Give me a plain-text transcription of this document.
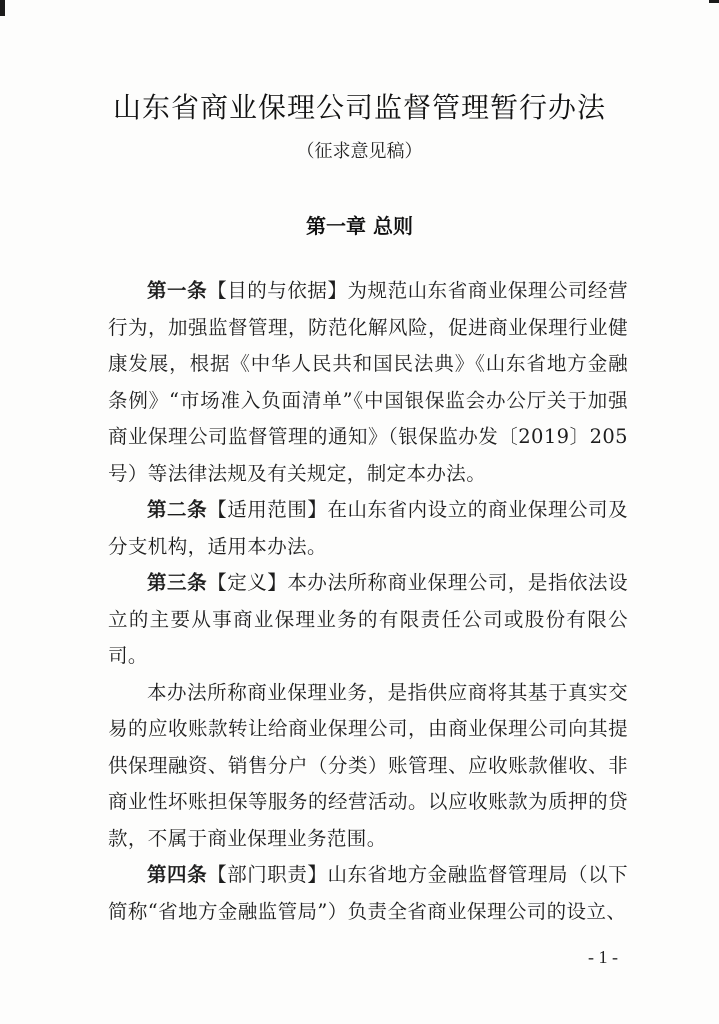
山东省商业保理公司监督管理暂行办法
（征求意见稿）
第一章 总则

第一条【目的与依据】为规范山东省商业保理公司经营行为，加强监督管理，防范化解风险，促进商业保理行业健康发展，根据《中华人民共和国民法典》《山东省地方金融条例》“市场准入负面清单”《中国银保监会办公厅关于加强商业保理公司监督管理的通知》（银保监办发〔2019〕205号）等法律法规及有关规定，制定本办法。

第二条【适用范围】在山东省内设立的商业保理公司及分支机构，适用本办法。

第三条【定义】本办法所称商业保理公司，是指依法设立的主要从事商业保理业务的有限责任公司或股份有限公司。

本办法所称商业保理业务，是指供应商将其基于真实交易的应收账款转让给商业保理公司，由商业保理公司向其提供保理融资、销售分户（分类）账管理、应收账款催收、非商业性坏账担保等服务的经营活动。以应收账款为质押的贷款，不属于商业保理业务范围。

第四条【部门职责】山东省地方金融监督管理局（以下简称“省地方金融监管局”）负责全省商业保理公司的设立、

- 1 -
